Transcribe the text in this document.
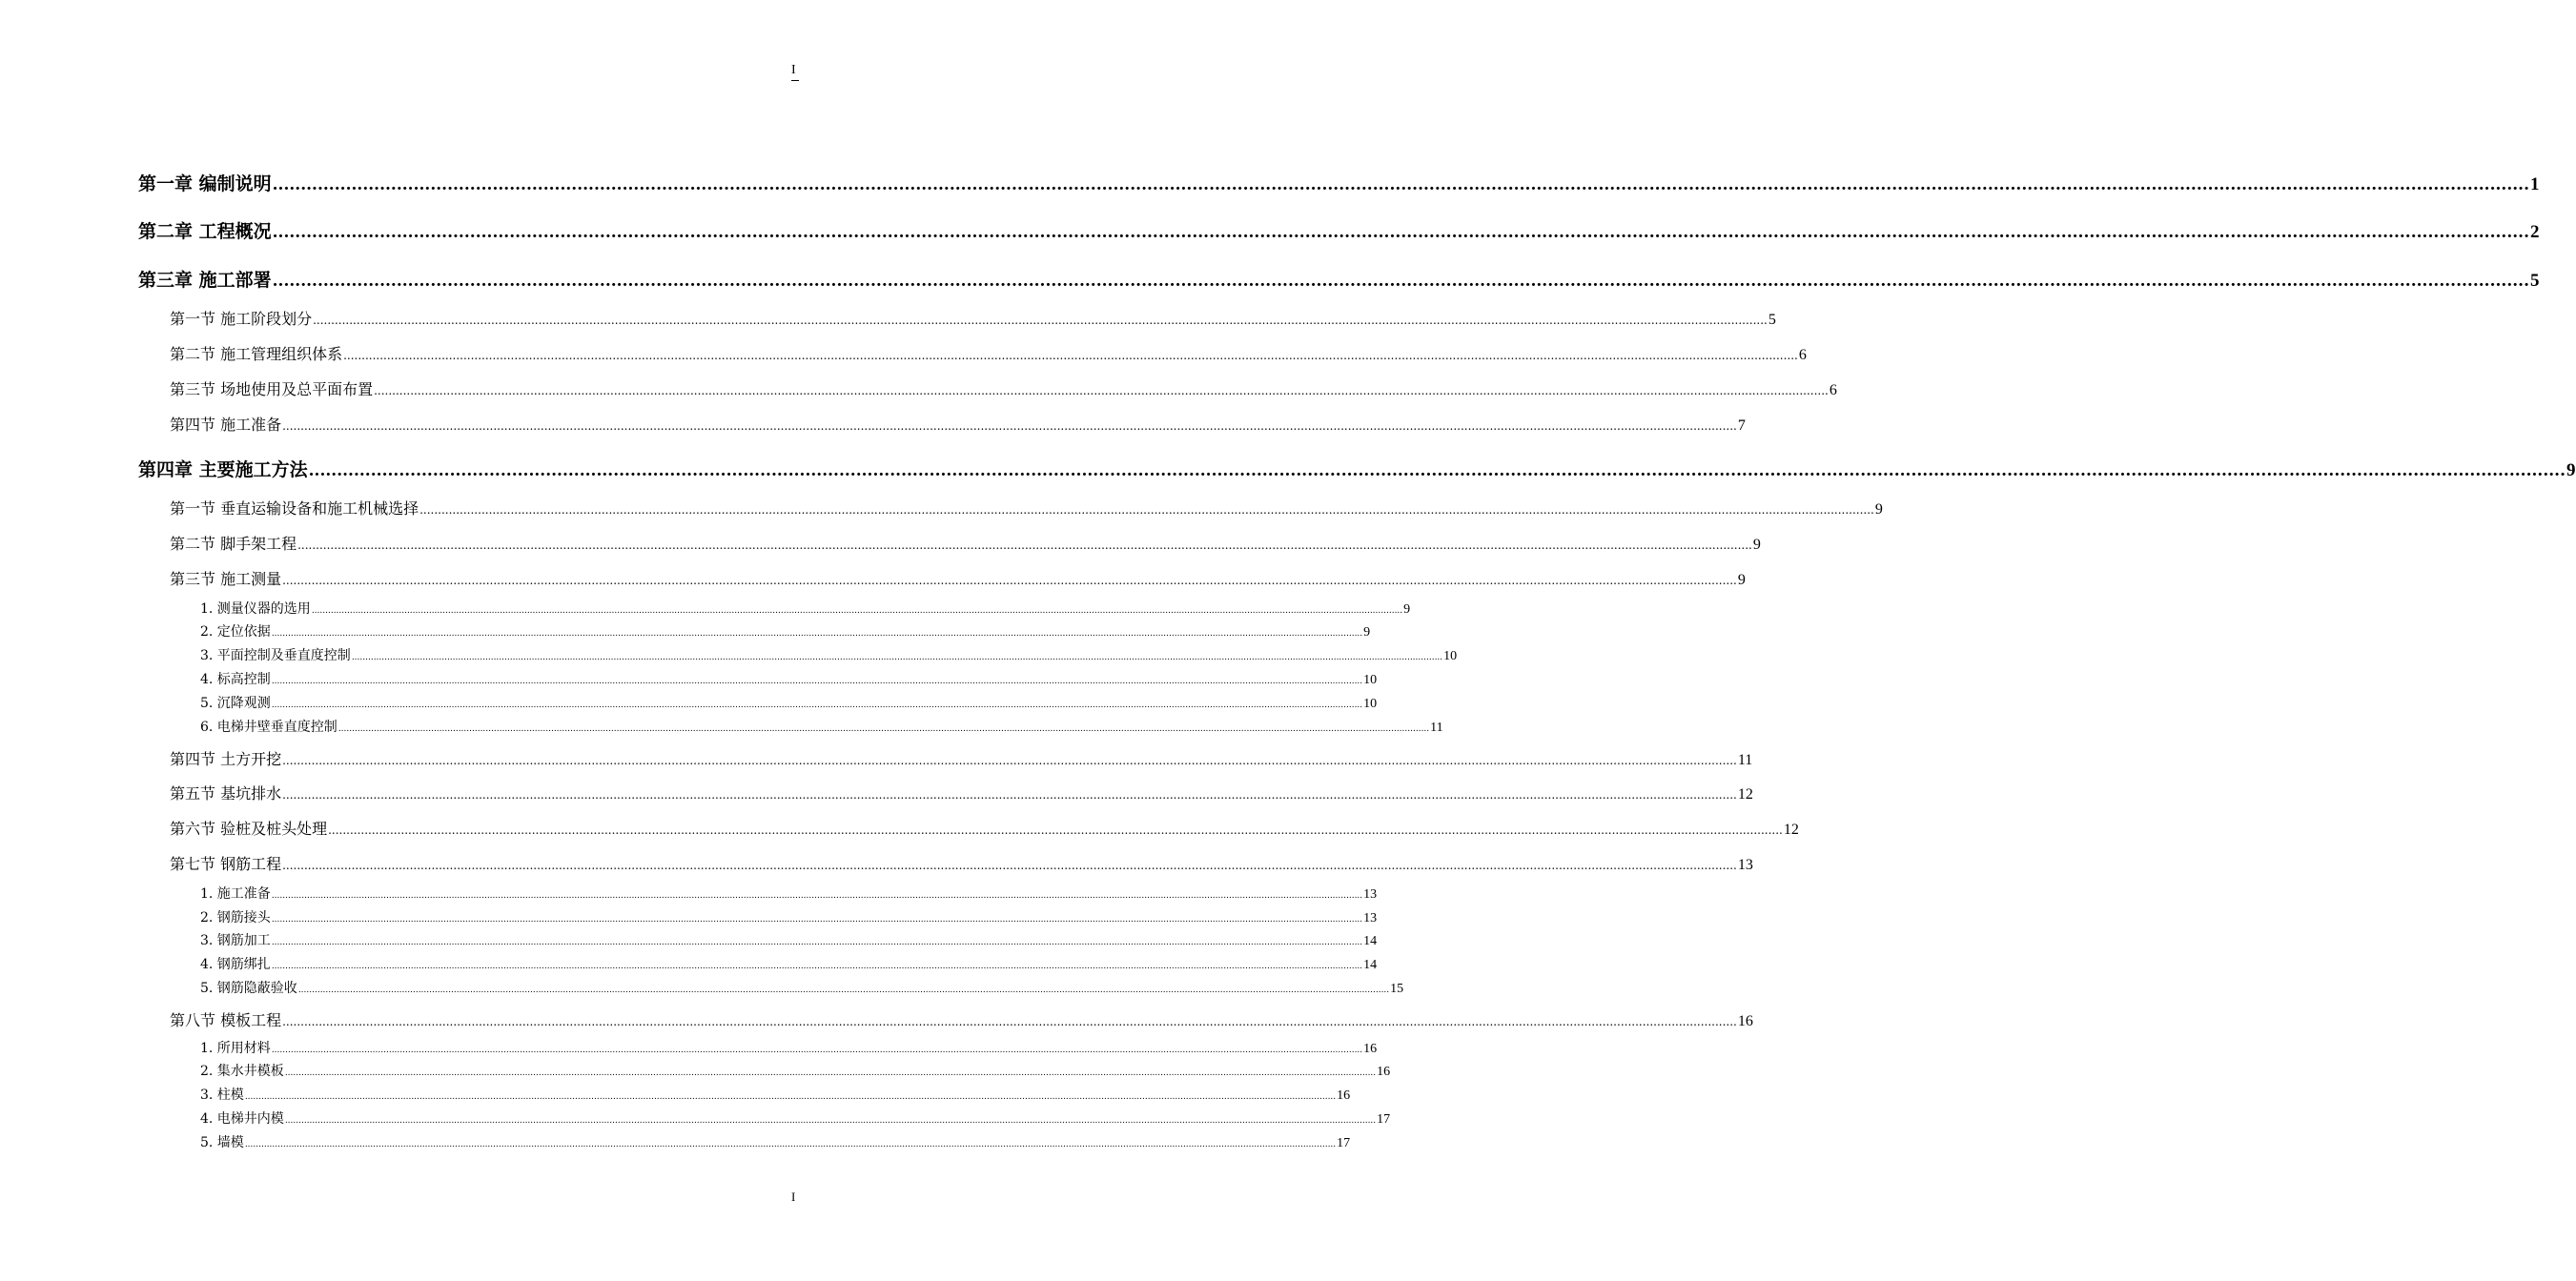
I
第一章 编制说明 ................................................................................................................................................................................................................................................................................................................................................................................................................ 1
第二章 工程概况 ................................................................................................................................................................................................................................................................................................................................................................................................................ 2
第三章 施工部署 ................................................................................................................................................................................................................................................................................................................................................................................................................ 5
第一节 施工阶段划分 ................................................................................................................................................................................................................................................................................................................................................................................................................ 5
第二节 施工管理组织体系 ................................................................................................................................................................................................................................................................................................................................................................................................................ 6
第三节 场地使用及总平面布置 ................................................................................................................................................................................................................................................................................................................................................................................................................ 6
第四节 施工准备 ................................................................................................................................................................................................................................................................................................................................................................................................................ 7
第四章 主要施工方法 ................................................................................................................................................................................................................................................................................................................................................................................................................ 9
第一节 垂直运输设备和施工机械选择 ................................................................................................................................................................................................................................................................................................................................................................................................................ 9
第二节 脚手架工程 ................................................................................................................................................................................................................................................................................................................................................................................................................ 9
第三节 施工测量 ................................................................................................................................................................................................................................................................................................................................................................................................................ 9
1. 测量仪器的选用 ................................................................................................................................................................................................................................................................................................................................................................................................................ 9
2. 定位依据 ................................................................................................................................................................................................................................................................................................................................................................................................................ 9
3. 平面控制及垂直度控制 ................................................................................................................................................................................................................................................................................................................................................................................................................ 10
4. 标高控制 ................................................................................................................................................................................................................................................................................................................................................................................................................ 10
5. 沉降观测 ................................................................................................................................................................................................................................................................................................................................................................................................................ 10
6. 电梯井壁垂直度控制 ................................................................................................................................................................................................................................................................................................................................................................................................................ 11
第四节 土方开挖 ................................................................................................................................................................................................................................................................................................................................................................................................................ 11
第五节 基坑排水 ................................................................................................................................................................................................................................................................................................................................................................................................................ 12
第六节 验桩及桩头处理 ................................................................................................................................................................................................................................................................................................................................................................................................................ 12
第七节 钢筋工程 ................................................................................................................................................................................................................................................................................................................................................................................................................ 13
1. 施工准备 ................................................................................................................................................................................................................................................................................................................................................................................................................ 13
2. 钢筋接头 ................................................................................................................................................................................................................................................................................................................................................................................................................ 13
3. 钢筋加工 ................................................................................................................................................................................................................................................................................................................................................................................................................ 14
4. 钢筋绑扎 ................................................................................................................................................................................................................................................................................................................................................................................................................ 14
5. 钢筋隐蔽验收 ................................................................................................................................................................................................................................................................................................................................................................................................................ 15
第八节 模板工程 ................................................................................................................................................................................................................................................................................................................................................................................................................ 16
1. 所用材料 ................................................................................................................................................................................................................................................................................................................................................................................................................ 16
2. 集水井模板 ................................................................................................................................................................................................................................................................................................................................................................................................................ 16
3. 柱模 ................................................................................................................................................................................................................................................................................................................................................................................................................ 16
4. 电梯井内模 ................................................................................................................................................................................................................................................................................................................................................................................................................ 17
5. 墙模 ................................................................................................................................................................................................................................................................................................................................................................................................................ 17
I
